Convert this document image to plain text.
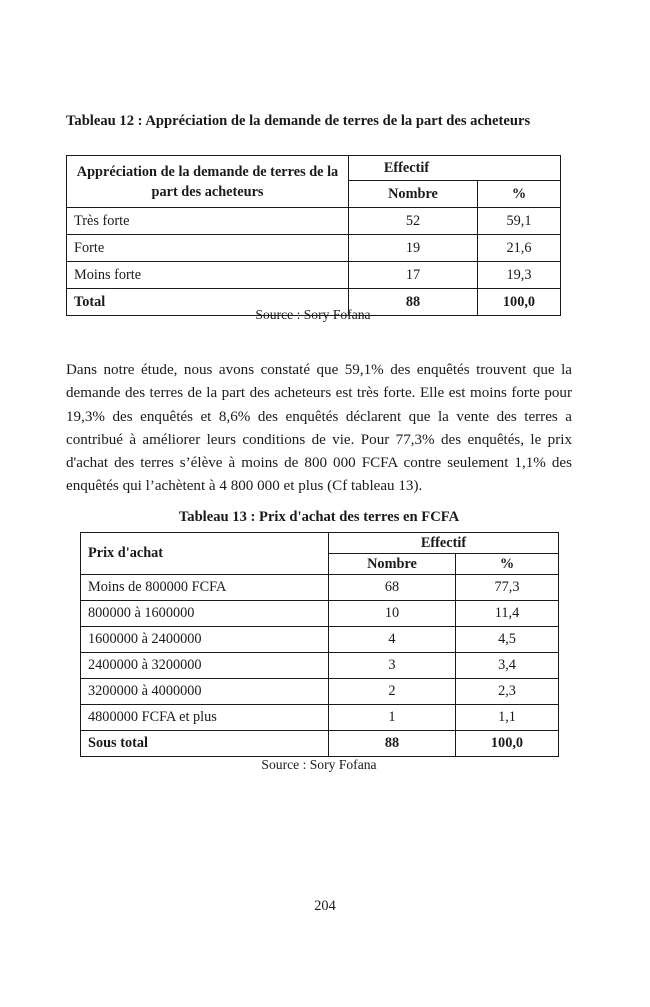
Tableau 12 : Appréciation de la demande de terres de la part des acheteurs
Appréciation de la demande de terres de la part des acheteurs	Effectif	
	Nombre	%
Très forte	52	59,1
Forte	19	21,6
Moins forte	17	19,3
Total	88	100,0
Source : Sory Fofana

Dans notre étude, nous avons constaté que 59,1% des enquêtés trouvent que la demande des terres de la part des acheteurs est très forte. Elle est moins forte pour 19,3% des enquêtés et 8,6% des enquêtés déclarent que la vente des terres a contribué à améliorer leurs conditions de vie. Pour 77,3% des enquêtés, le prix d'achat des terres s’élève à moins de 800 000 FCFA contre seulement 1,1% des enquêtés qui l’achètent à 4 800 000 et plus (Cf tableau 13).

Tableau 13 : Prix d'achat des terres en FCFA
Prix d'achat	Effectif	
	Nombre	%
Moins de 800000 FCFA	68	77,3
800000 à 1600000	10	11,4
1600000 à 2400000	4	4,5
2400000 à 3200000	3	3,4
3200000 à 4000000	2	2,3
4800000 FCFA et plus	1	1,1
Sous total	88	100,0
Source : Sory Fofana
204
